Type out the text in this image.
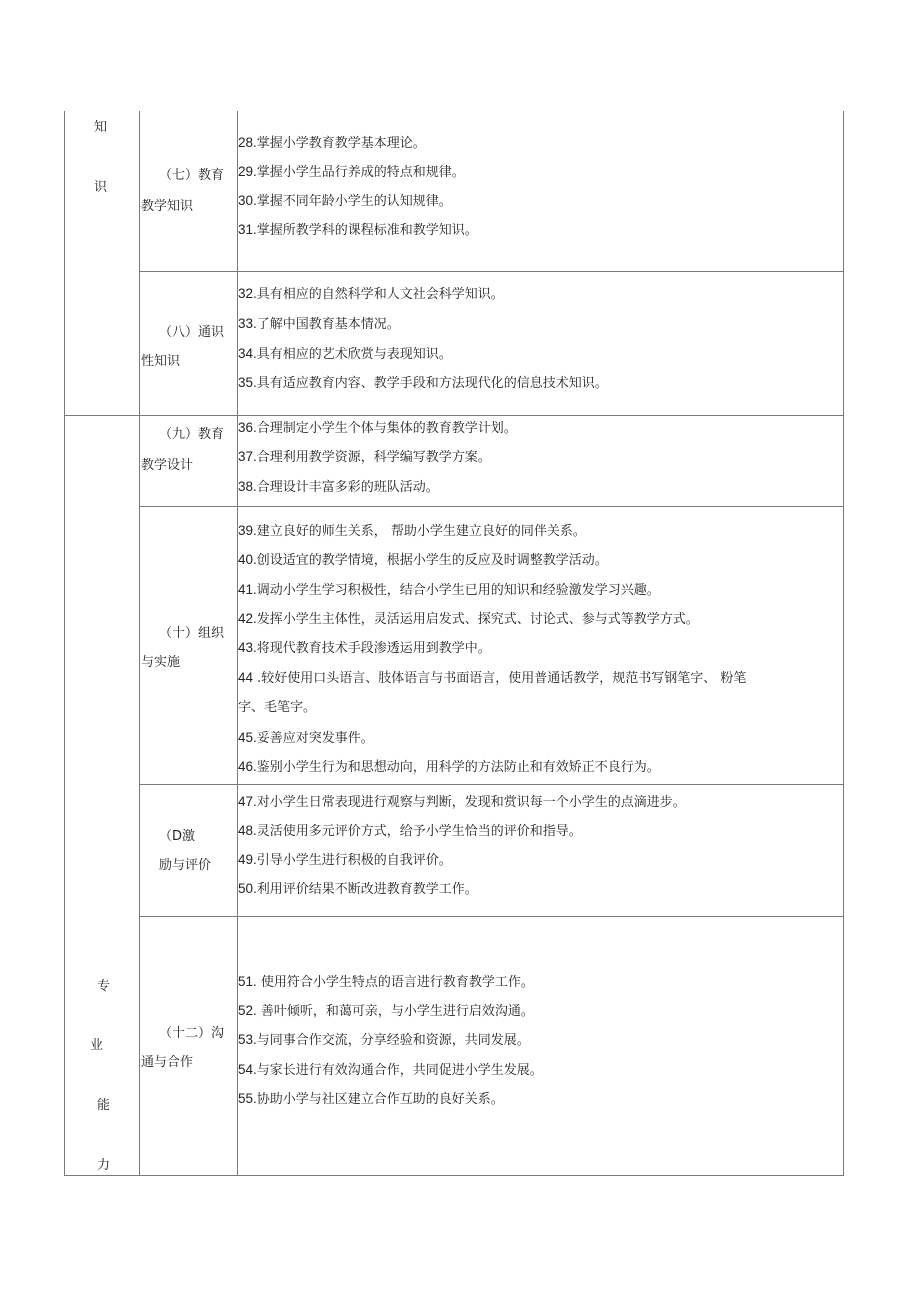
知
识
专
业
能
力
（七）教育
教学知识
（八）通识
性知识
（九）教育
教学设计
（十）组织
与实施
（D激
励与评价
（十二）沟
通与合作
28.掌握小学教育教学基本理论。
29.掌握小学生品行养成的特点和规律。
30.掌握不同年龄小学生的认知规律。
31.掌握所教学科的课程标准和教学知识。
32.具有相应的自然科学和人文社会科学知识。
33.了解中国教育基本情况。
34.具有相应的艺术欣赏与表现知识。
35.具有适应教育内容、教学手段和方法现代化的信息技术知识。
36.合理制定小学生个体与集体的教育教学计划。
37.合理利用教学资源，科学编写教学方案。
38.合理设计丰富多彩的班队活动。
39.建立良好的师生关系， 帮助小学生建立良好的同伴关系。
40.创设适宜的教学情境，根据小学生的反应及时调整教学活动。
41.调动小学生学习积极性，结合小学生已用的知识和经验激发学习兴趣。
42.发挥小学生主体性，灵活运用启发式、探究式、讨论式、参与式等教学方式。
43.将现代教育技术手段渗透运用到教学中。
44 .较好使用口头语言、肢体语言与书面语言，使用普通话教学，规范书写钢笔字、 粉笔
字、毛笔字。
45.妥善应对突发事件。
46.鉴别小学生行为和思想动向，用科学的方法防止和有效矫正不良行为。
47.对小学生日常表现进行观察与判断，发现和赏识每一个小学生的点滴进步。
48.灵活使用多元评价方式，给予小学生恰当的评价和指导。
49.引导小学生进行积极的自我评价。
50.利用评价结果不断改进教育教学工作。
51. 使用符合小学生特点的语言进行教育教学工作。
52. 善叶倾听，和蔼可亲，与小学生进行启效沟通。
53.与同事合作交流，分享经验和资源，共同发展。
54.与家长进行有效沟通合作，共同促进小学生发展。
55.协助小学与社区建立合作互助的良好关系。
